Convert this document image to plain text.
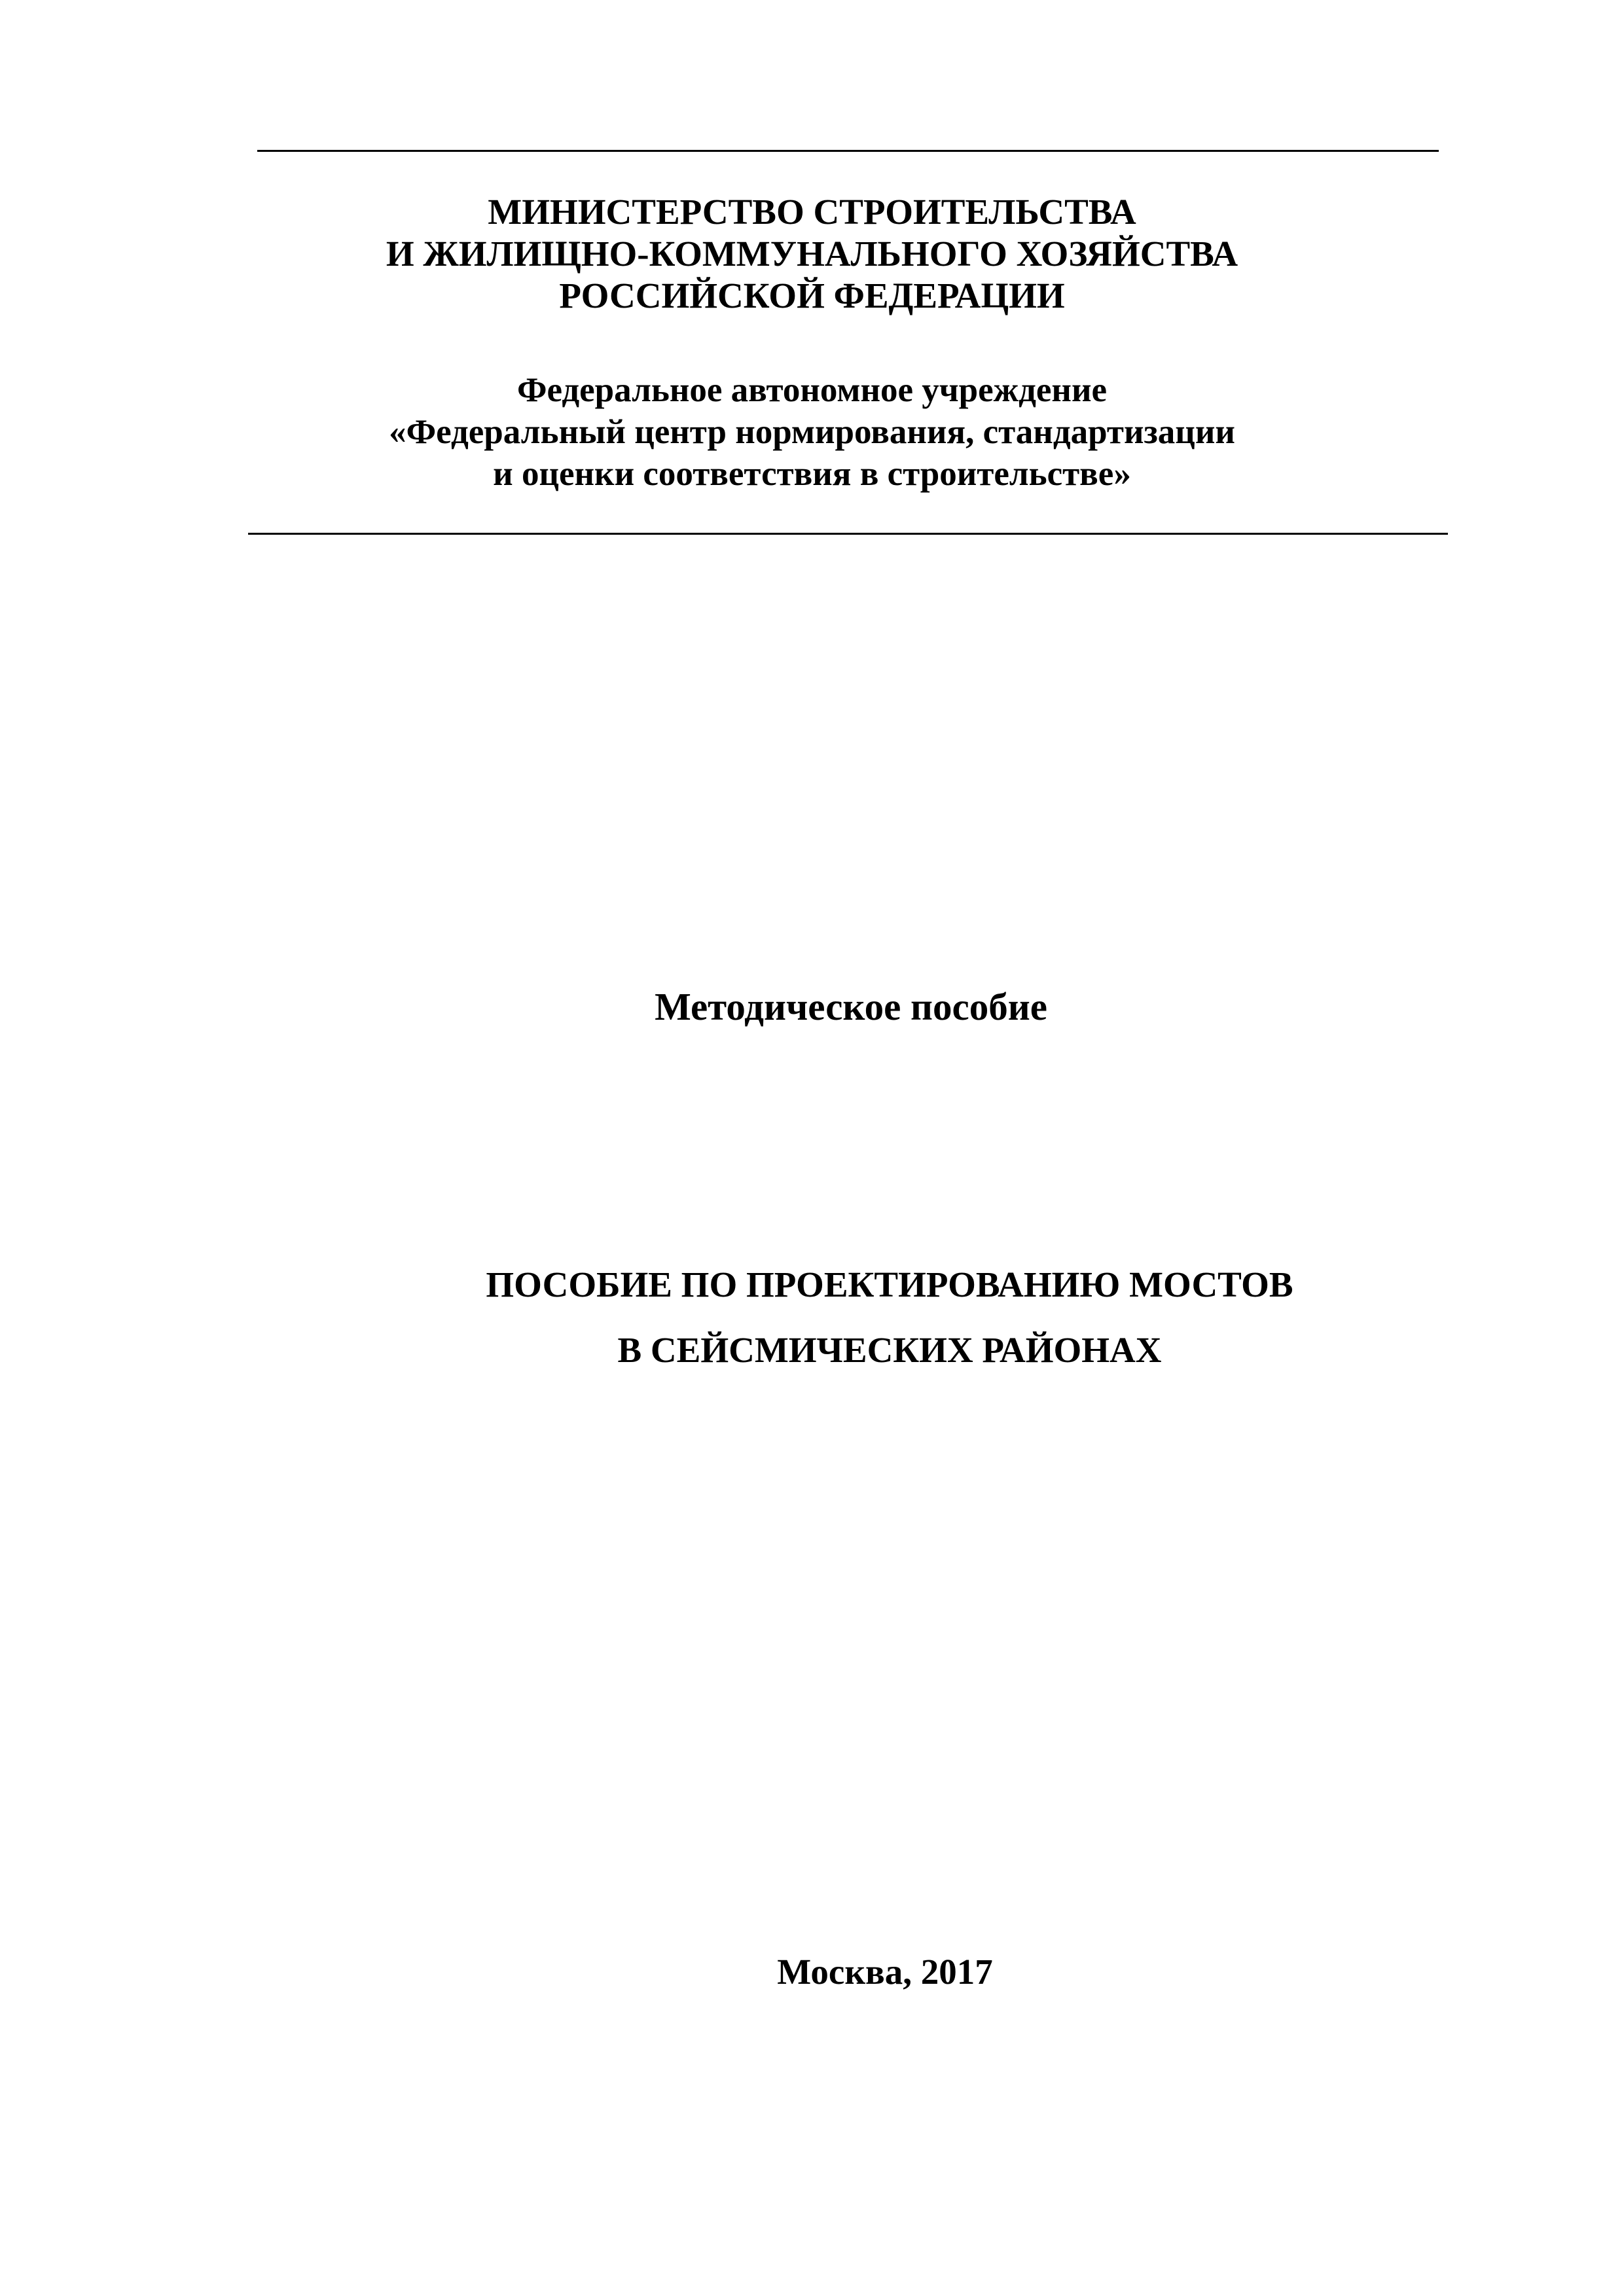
МИНИСТЕРСТВО СТРОИТЕЛЬСТВА
И ЖИЛИЩНО-КОММУНАЛЬНОГО ХОЗЯЙСТВА
РОССИЙСКОЙ ФЕДЕРАЦИИ
Федеральное автономное учреждение
«Федеральный центр нормирования, стандартизации
и оценки соответствия в строительстве»
Методическое пособие
ПОСОБИЕ ПО ПРОЕКТИРОВАНИЮ МОСТОВ
В СЕЙСМИЧЕСКИХ РАЙОНАХ
Москва, 2017
